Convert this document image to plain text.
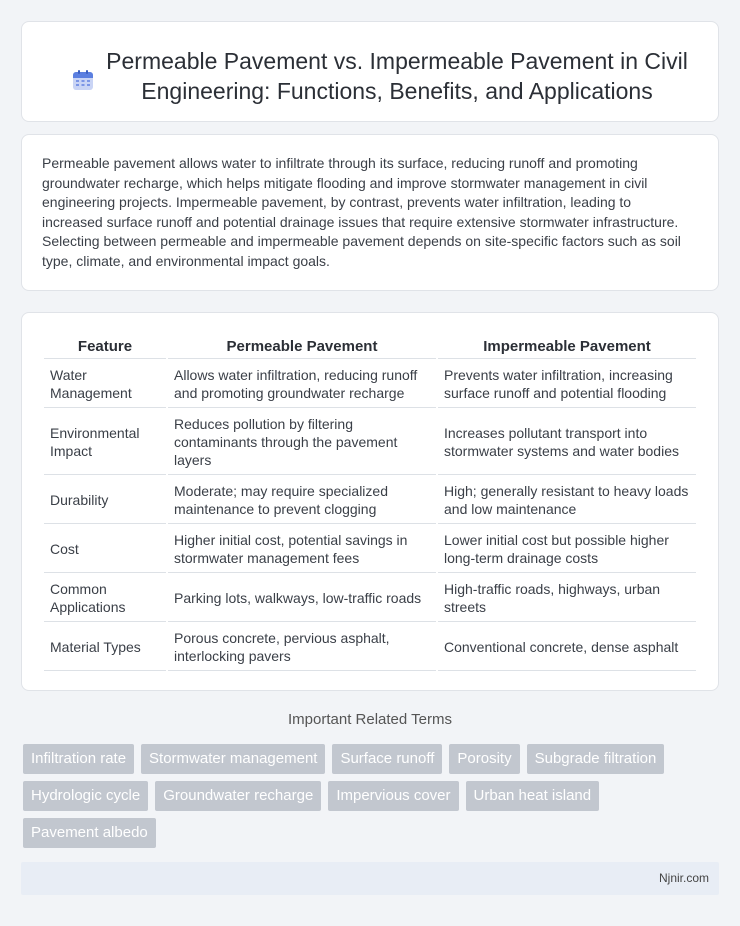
Permeable Pavement vs. Impermeable Pavement in Civil Engineering: Functions, Benefits, and Applications

Permeable pavement allows water to infiltrate through its surface, reducing runoff and promoting groundwater recharge, which helps mitigate flooding and improve stormwater management in civil engineering projects. Impermeable pavement, by contrast, prevents water infiltration, leading to increased surface runoff and potential drainage issues that require extensive stormwater infrastructure. Selecting between permeable and impermeable pavement depends on site-specific factors such as soil type, climate, and environmental impact goals.

Feature	Permeable Pavement	Impermeable Pavement
Water Management	Allows water infiltration, reducing runoff and promoting groundwater recharge	Prevents water infiltration, increasing surface runoff and potential flooding
Environmental Impact	Reduces pollution by filtering contaminants through the pavement layers	Increases pollutant transport into stormwater systems and water bodies
Durability	Moderate; may require specialized maintenance to prevent clogging	High; generally resistant to heavy loads and low maintenance
Cost	Higher initial cost, potential savings in stormwater management fees	Lower initial cost but possible higher long-term drainage costs
Common Applications	Parking lots, walkways, low-traffic roads	High-traffic roads, highways, urban streets
Material Types	Porous concrete, pervious asphalt, interlocking pavers	Conventional concrete, dense asphalt
Important Related Terms
Infiltration rate	Stormwater management	Surface runoff	Porosity	Subgrade filtration
Hydrologic cycle	Groundwater recharge	Impervious cover	Urban heat island
Pavement albedo
Njnir.com
